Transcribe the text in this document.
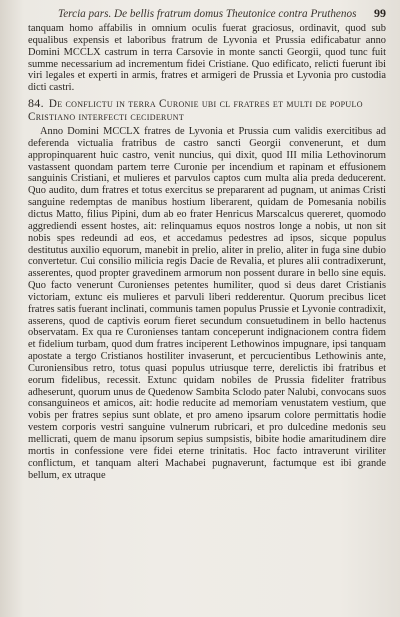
Tercia pars. De bellis fratrum domus Theutonice contra Pruthenos 99

tanquam homo affabilis in omnium oculis fuerat graciosus, ordinavit, quod sub equalibus expensis et laboribus fratrum de Lyvonia et Prussia edificabatur anno Domini MCCLX castrum in terra Carsovie in monte sancti Georgii, quod tunc fuit summe necessarium ad incrementum fidei Cristiane. Quo edificato, relicti fuerunt ibi viri legales et experti in armis, fratres et armigeri de Prussia et Lyvonia pro custodia dicti castri.

84. De conflictu in terra Curonie ubi cl fratres et multi de populo Cristiano interfecti ceciderunt

Anno Domini MCCLX fratres de Lyvonia et Prussia cum validis exercitibus ad deferenda victualia fratribus de castro sancti Georgii convenerunt, et dum appropinquarent huic castro, venit nuncius, qui dixit, quod III milia Lethovinorum vastassent quondam partem terre Curonie per incendium et rapinam et effusionem sanguinis Cristiani, et mulieres et parvulos captos cum multa alia preda deducerent. Quo audito, dum fratres et totus exercitus se prepararent ad pugnam, ut animas Cristi sanguine redemptas de manibus hostium liberarent, quidam de Pomesania nobilis dictus Matto, filius Pipini, dum ab eo frater Henricus Marscalcus quereret, quomodo aggrediendi essent hostes, ait: relinquamus equos nostros longe a nobis, ut non sit nobis spes redeundi ad eos, et accedamus pedestres ad ipsos, sicque populus destitutus auxilio equorum, manebit in prelio, aliter in prelio, aliter in fuga sine dubio convertetur. Cui consilio milicia regis Dacie de Revalia, et plures alii contradixerunt, asserentes, quod propter gravedinem armorum non possent durare in bello sine equis. Quo facto venerunt Curonienses petentes humiliter, quod si deus daret Cristianis victoriam, extunc eis mulieres et parvuli liberi redderentur. Quorum precibus licet fratres satis fuerant inclinati, communis tamen populus Prussie et Lyvonie contradixit, asserens, quod de captivis eorum fieret secundum consuetudinem in bello hactenus observatam. Ex qua re Curonienses tantam conceperunt indignacionem contra fidem et fidelium turbam, quod dum fratres inciperent Lethowinos impugnare, ipsi tanquam apostate a tergo Cristianos hostiliter invaserunt, et percucientibus Lethowinis ante, Curoniensibus retro, totus quasi populus utriusque terre, derelictis ibi fratribus et eorum fidelibus, recessit. Extunc quidam nobiles de Prussia fideliter fratribus adheserunt, quorum unus de Quedenow Sambita Sclodo pater Nalubi, convocans suos consanguineos et amicos, ait: hodie reducite ad memoriam venustatem vestium, que vobis per fratres sepius sunt oblate, et pro ameno ipsarum colore permittatis hodie vestem corporis vestri sanguine vulnerum rubricari, et pro dulcedine medonis seu mellicrati, quem de manu ipsorum sepius sumpsistis, bibite hodie amaritudinem dire mortis in confessione vere fidei eterne trinitatis. Hoc facto intraverunt viriliter conflictum, et tanquam alteri Machabei pugnaverunt, factumque est ibi grande bellum, ex utraque
